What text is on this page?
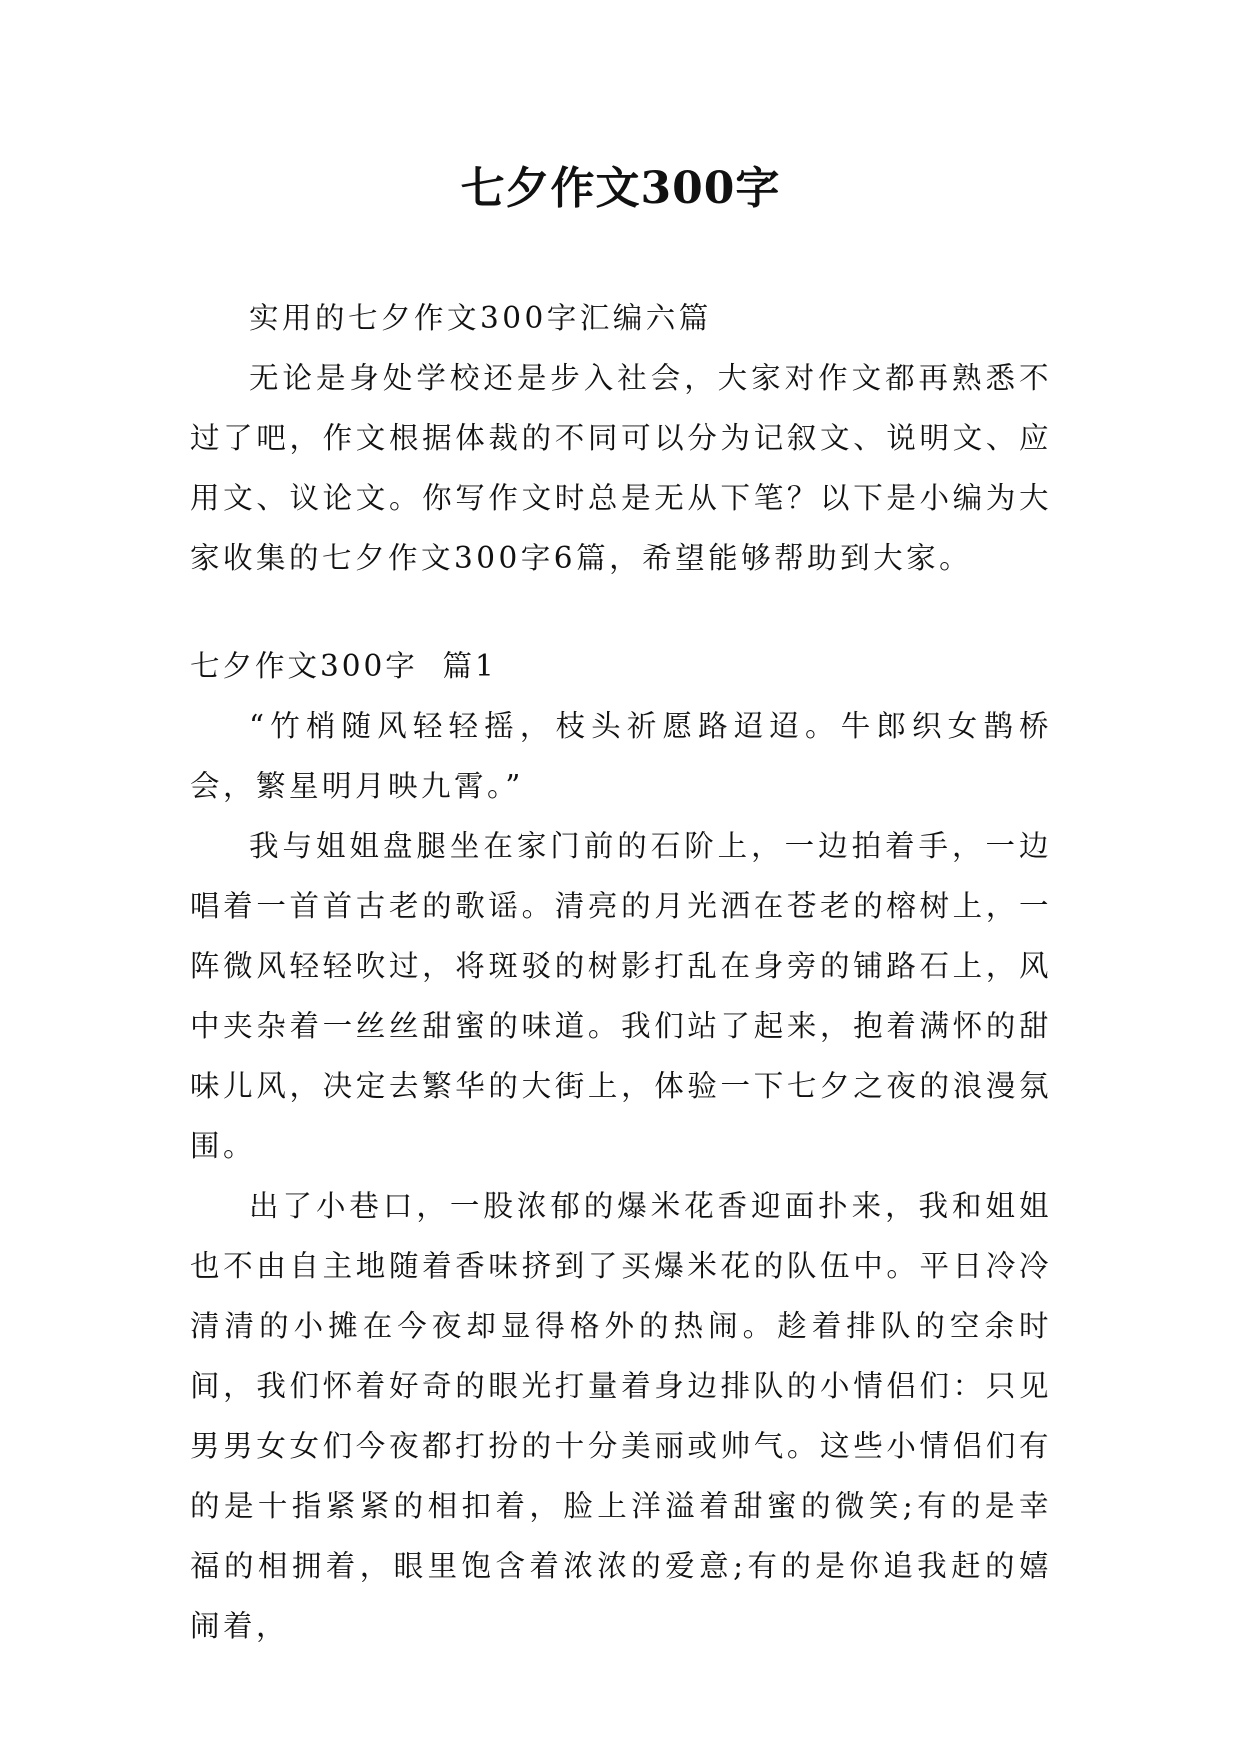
七夕作文300字

实用的七夕作文300字汇编六篇

无论是身处学校还是步入社会，大家对作文都再熟悉不过了吧，作文根据体裁的不同可以分为记叙文、说明文、应用文、议论文。你写作文时总是无从下笔？以下是小编为大家收集的七夕作文300字6篇，希望能够帮助到大家。

七夕作文300字  篇1

“竹梢随风轻轻摇，枝头祈愿路迢迢。牛郎织女鹊桥会，繁星明月映九霄。”

我与姐姐盘腿坐在家门前的石阶上，一边拍着手，一边唱着一首首古老的歌谣。清亮的月光洒在苍老的榕树上，一阵微风轻轻吹过，将斑驳的树影打乱在身旁的铺路石上，风中夹杂着一丝丝甜蜜的味道。我们站了起来，抱着满怀的甜味儿风，决定去繁华的大街上，体验一下七夕之夜的浪漫氛围。

出了小巷口，一股浓郁的爆米花香迎面扑来，我和姐姐也不由自主地随着香味挤到了买爆米花的队伍中。平日冷冷清清的小摊在今夜却显得格外的热闹。趁着排队的空余时间，我们怀着好奇的眼光打量着身边排队的小情侣们：只见男男女女们今夜都打扮的十分美丽或帅气。这些小情侣们有的是十指紧紧的相扣着，脸上洋溢着甜蜜的微笑;有的是幸福的相拥着，眼里饱含着浓浓的爱意;有的是你追我赶的嬉闹着，
